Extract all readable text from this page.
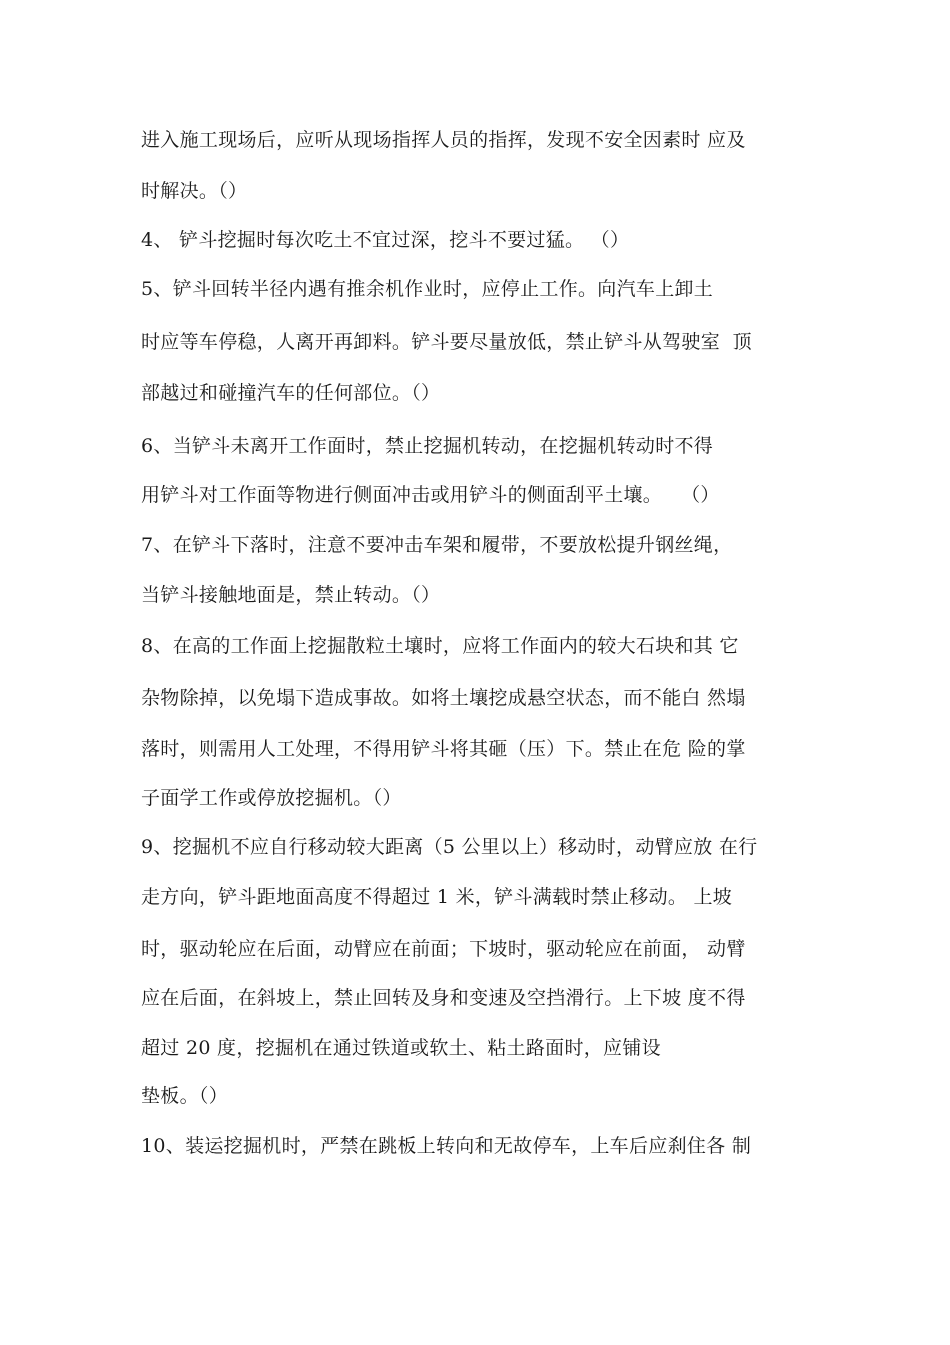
进入施工现场后，应听从现场指挥人员的指挥，发现不安全因素时 应及
时解决。（）
4、 铲斗挖掘时每次吃土不宜过深，挖斗不要过猛。 （）
5、铲斗回转半径内遇有推余机作业时，应停止工作。向汽车上卸土
时应等车停稳，人离开再卸料。铲斗要尽量放低，禁止铲斗从驾驶室  顶
部越过和碰撞汽车的任何部位。（）
6、当铲斗未离开工作面时，禁止挖掘机转动，在挖掘机转动时不得
用铲斗对工作面等物进行侧面冲击或用铲斗的侧面刮平土壤。   （）
7、在铲斗下落时，注意不要冲击车架和履带，不要放松提升钢丝绳，
当铲斗接触地面是，禁止转动。（）
8、在高的工作面上挖掘散粒土壤时，应将工作面内的较大石块和其 它
杂物除掉，以免塌下造成事故。如将土壤挖成悬空状态，而不能白 然塌
落时，则需用人工处理，不得用铲斗将其砸（压）下。禁止在危 险的掌
子面学工作或停放挖掘机。（）
9、挖掘机不应自行移动较大距离（5 公里以上）移动时，动臂应放 在行
走方向，铲斗距地面高度不得超过 1 米，铲斗满载时禁止移动。 上坡
时，驱动轮应在后面，动臂应在前面；下坡时，驱动轮应在前面， 动臂
应在后面，在斜坡上，禁止回转及身和变速及空挡滑行。上下坡 度不得
超过 20 度，挖掘机在通过铁道或软土、粘土路面时，应铺设
垫板。（）
10、装运挖掘机时，严禁在跳板上转向和无故停车，上车后应刹住各 制
